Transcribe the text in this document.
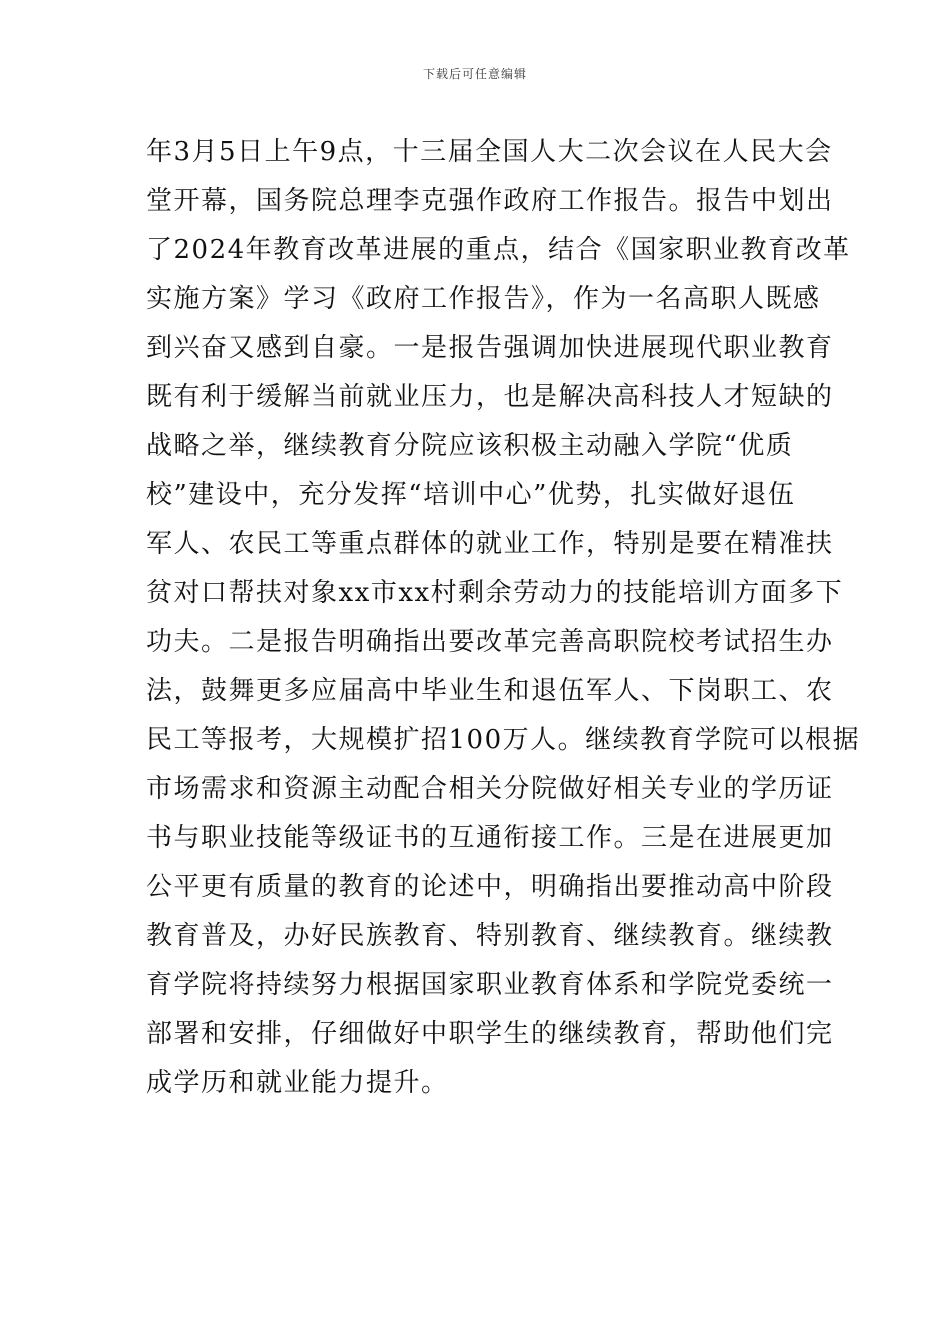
下载后可任意编辑
年3月5日上午9点，十三届全国人大二次会议在人民大会
堂开幕，国务院总理李克强作政府工作报告。报告中划出
了2024年教育改革进展的重点，结合《国家职业教育改革
实施方案》学习《政府工作报告》，作为一名高职人既感
到兴奋又感到自豪。一是报告强调加快进展现代职业教育
既有利于缓解当前就业压力，也是解决高科技人才短缺的
战略之举，继续教育分院应该积极主动融入学院“优质
校”建设中，充分发挥“培训中心”优势，扎实做好退伍
军人、农民工等重点群体的就业工作，特别是要在精准扶
贫对口帮扶对象xx市xx村剩余劳动力的技能培训方面多下
功夫。二是报告明确指出要改革完善高职院校考试招生办
法，鼓舞更多应届高中毕业生和退伍军人、下岗职工、农
民工等报考，大规模扩招100万人。继续教育学院可以根据
市场需求和资源主动配合相关分院做好相关专业的学历证
书与职业技能等级证书的互通衔接工作。三是在进展更加
公平更有质量的教育的论述中，明确指出要推动高中阶段
教育普及，办好民族教育、特别教育、继续教育。继续教
育学院将持续努力根据国家职业教育体系和学院党委统一
部署和安排，仔细做好中职学生的继续教育，帮助他们完
成学历和就业能力提升。
